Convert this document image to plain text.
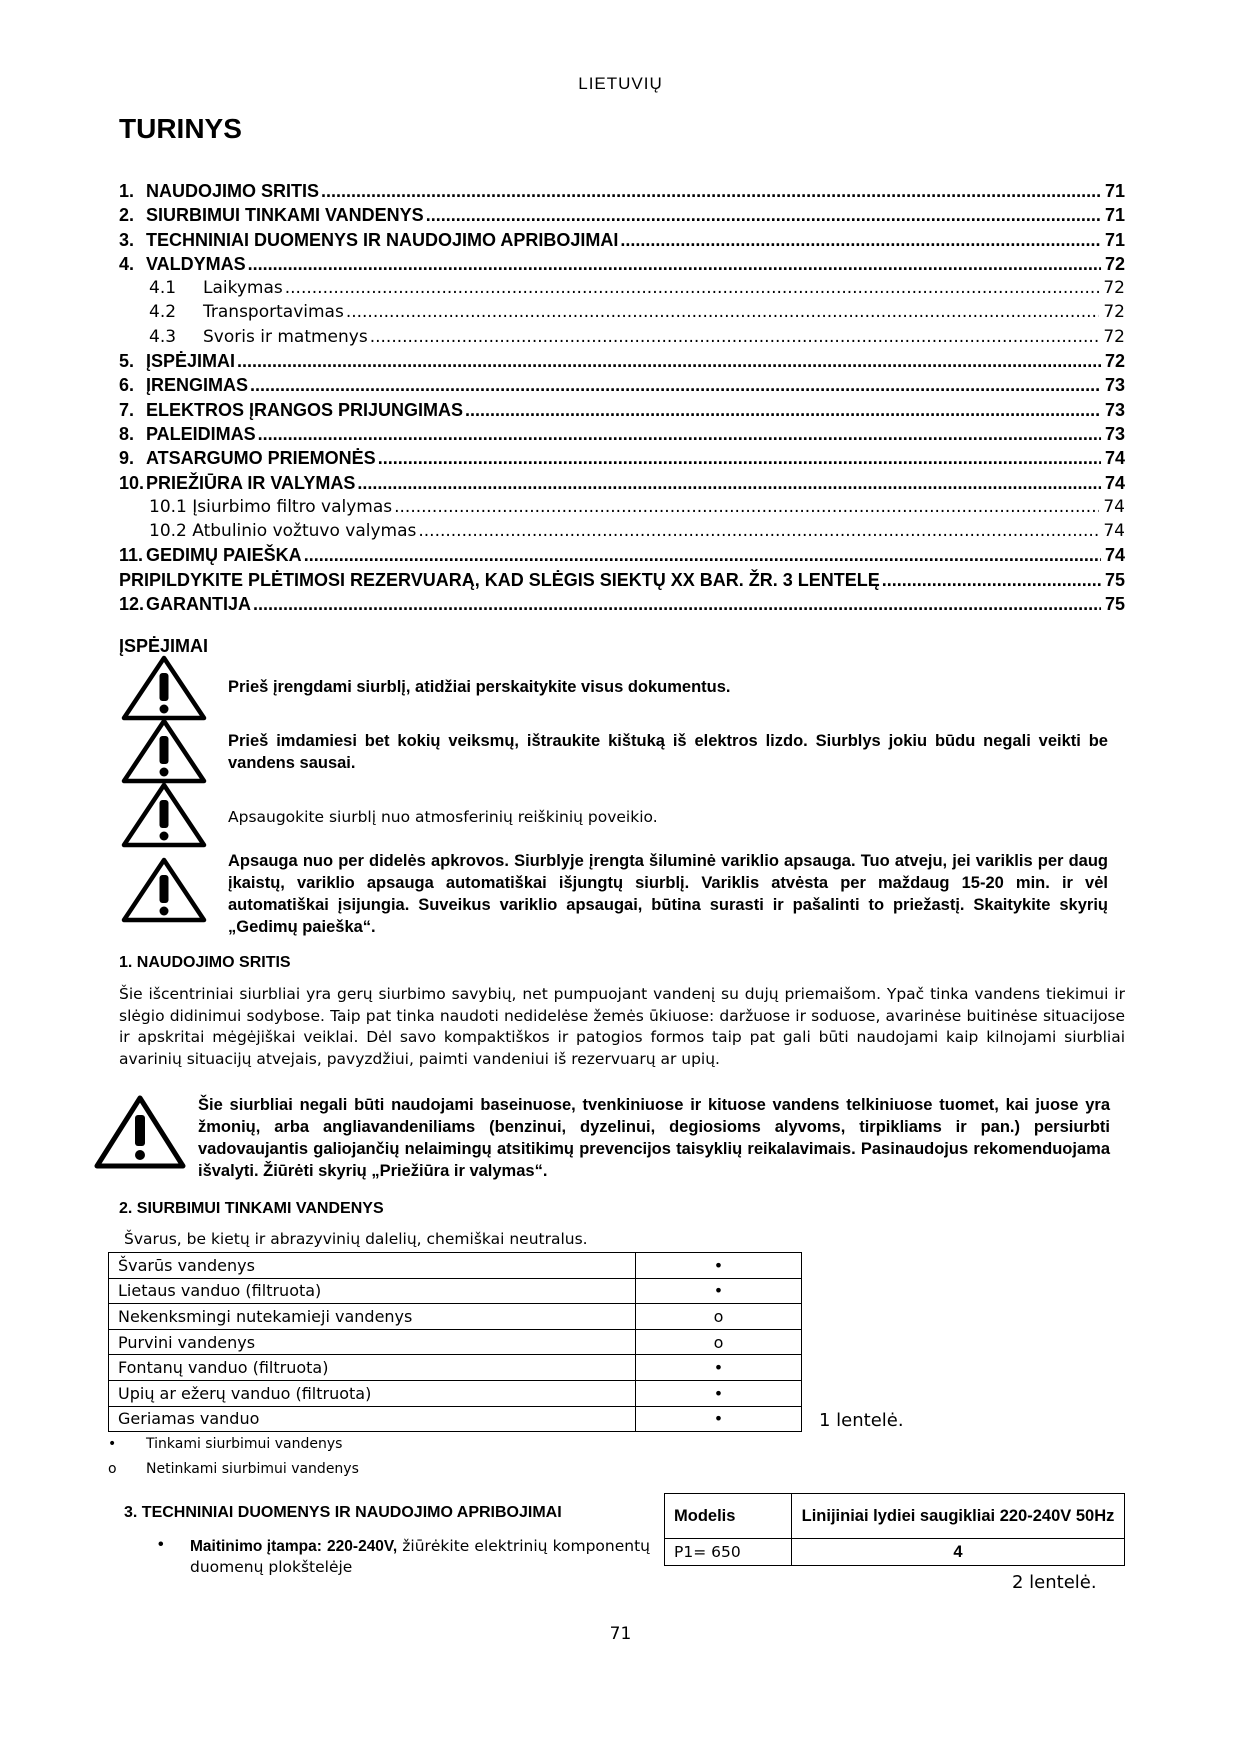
LIETUVIŲ
TURINYS
1. NAUDOJIMO SRITIS .....	71
2. SIURBIMUI TINKAMI VANDENYS .....	71
3. TECHNINIAI DUOMENYS IR NAUDOJIMO APRIBOJIMAI .....	71
4. VALDYMAS .....	72
4.1	Laikymas .....	72
4.2	Transportavimas .....	72
4.3	Svoris ir matmenys .....	72
5. ĮSPĖJIMAI .....	72
6. ĮRENGIMAS .....	73
7. ELEKTROS ĮRANGOS PRIJUNGIMAS .....	73
8. PALEIDIMAS .....	73
9. ATSARGUMO PRIEMONĖS .....	74
10. PRIEŽIŪRA IR VALYMAS .....	74
10.1 Įsiurbimo filtro valymas .....	74
10.2 Atbulinio vožtuvo valymas .....	74
11. GEDIMŲ PAIEŠKA .....	74
PRIPILDYKITE PLĖTIMOSI REZERVUARĄ, KAD SLĖGIS SIEKTŲ XX BAR. ŽR. 3 LENTELĘ .....	75
12. GARANTIJA .....	75
ĮSPĖJIMAI
Prieš įrengdami siurblį, atidžiai perskaitykite visus dokumentus.
Prieš imdamiesi bet kokių veiksmų, ištraukite kištuką iš elektros lizdo. Siurblys jokiu būdu negali veikti be vandens sausai.
Apsaugokite siurblį nuo atmosferinių reiškinių poveikio.
Apsauga nuo per didelės apkrovos. Siurblyje įrengta šiluminė variklio apsauga. Tuo atveju, jei variklis per daug įkaistų, variklio apsauga automatiškai išjungtų siurblį. Variklis atvėsta per maždaug 15-20 min. ir vėl automatiškai įsijungia. Suveikus variklio apsaugai, būtina surasti ir pašalinti to priežastį. Skaitykite skyrių „Gedimų paieška“.
1. NAUDOJIMO SRITIS
Šie išcentriniai siurbliai yra gerų siurbimo savybių, net pumpuojant vandenį su dujų priemaišom. Ypač tinka vandens tiekimui ir slėgio didinimui sodybose. Taip pat tinka naudoti nedidelėse žemės ūkiuose: daržuose ir soduose, avarinėse buitinėse situacijose ir apskritai mėgėjiškai veiklai. Dėl savo kompaktiškos ir patogios formos taip pat gali būti naudojami kaip kilnojami siurbliai avarinių situacijų atvejais, pavyzdžiui, paimti vandeniui iš rezervuarų ar upių.
Šie siurbliai negali būti naudojami baseinuose, tvenkiniuose ir kituose vandens telkiniuose tuomet, kai juose yra žmonių, arba angliavandeniliams (benzinui, dyzelinui, degiosioms alyvoms, tirpikliams ir pan.) persiurbti vadovaujantis galiojančių nelaimingų atsitikimų prevencijos taisyklių reikalavimais. Pasinaudojus rekomenduojama išvalyti. Žiūrėti skyrių „Priežiūra ir valymas“.
2. SIURBIMUI TINKAMI VANDENYS
Švarus, be kietų ir abrazyvinių dalelių, chemiškai neutralus.
Švarūs vandenys	•
Lietaus vanduo (filtruota)	•
Nekenksmingi nutekamieji vandenys	o
Purvini vandenys	o
Fontanų vanduo (filtruota)	•
Upių ar ežerų vanduo (filtruota)	•
Geriamas vanduo	•	1 lentelė.
• Tinkami siurbimui vandenys
o Netinkami siurbimui vandenys
3. TECHNINIAI DUOMENYS IR NAUDOJIMO APRIBOJIMAI
• Maitinimo įtampa: 220-240V, žiūrėkite elektrinių komponentų duomenų plokštelėje
Modelis	Linijiniai lydiei saugikliai 220-240V 50Hz
P1= 650	4
2 lentelė.
71
